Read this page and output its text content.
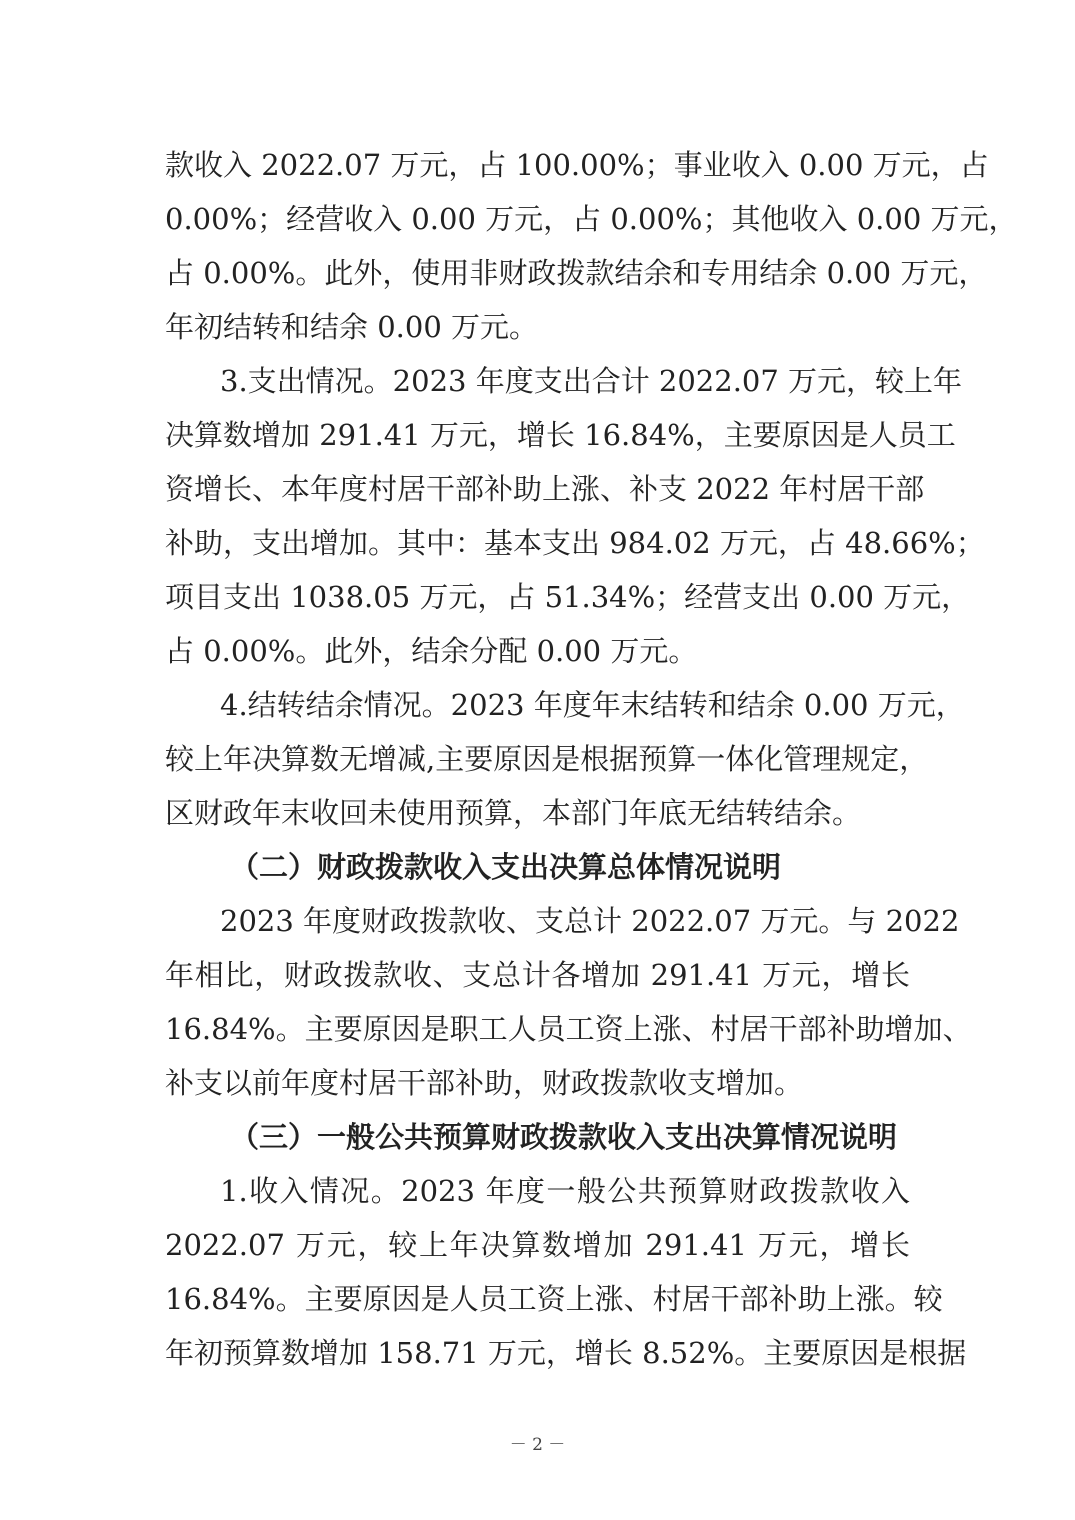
款收入 2022.07 万元，占 100.00%；事业收入 0.00 万元，占
0.00%；经营收入 0.00 万元，占 0.00%；其他收入 0.00 万元，
占 0.00%。此外，使用非财政拨款结余和专用结余 0.00 万元，
年初结转和结余 0.00 万元。
3.支出情况。2023 年度支出合计 2022.07 万元，较上年
决算数增加 291.41 万元，增长 16.84%，主要原因是人员工
资增长、本年度村居干部补助上涨、补支 2022 年村居干部
补助，支出增加。其中：基本支出 984.02 万元，占 48.66%；
项目支出 1038.05 万元，占 51.34%；经营支出 0.00 万元，
占 0.00%。此外，结余分配 0.00 万元。
4.结转结余情况。2023 年度年末结转和结余 0.00 万元，
较上年决算数无增减,主要原因是根据预算一体化管理规定，
区财政年末收回未使用预算，本部门年底无结转结余。
（二）财政拨款收入支出决算总体情况说明
2023 年度财政拨款收、支总计 2022.07 万元。与 2022
年相比，财政拨款收、支总计各增加 291.41 万元，增长
16.84%。主要原因是职工人员工资上涨、村居干部补助增加、
补支以前年度村居干部补助，财政拨款收支增加。
（三）一般公共预算财政拨款收入支出决算情况说明
1.收入情况。2023 年度一般公共预算财政拨款收入
2022.07 万元，较上年决算数增加 291.41 万元，增长
16.84%。主要原因是人员工资上涨、村居干部补助上涨。较
年初预算数增加 158.71 万元，增长 8.52%。主要原因是根据
－ 2 －
